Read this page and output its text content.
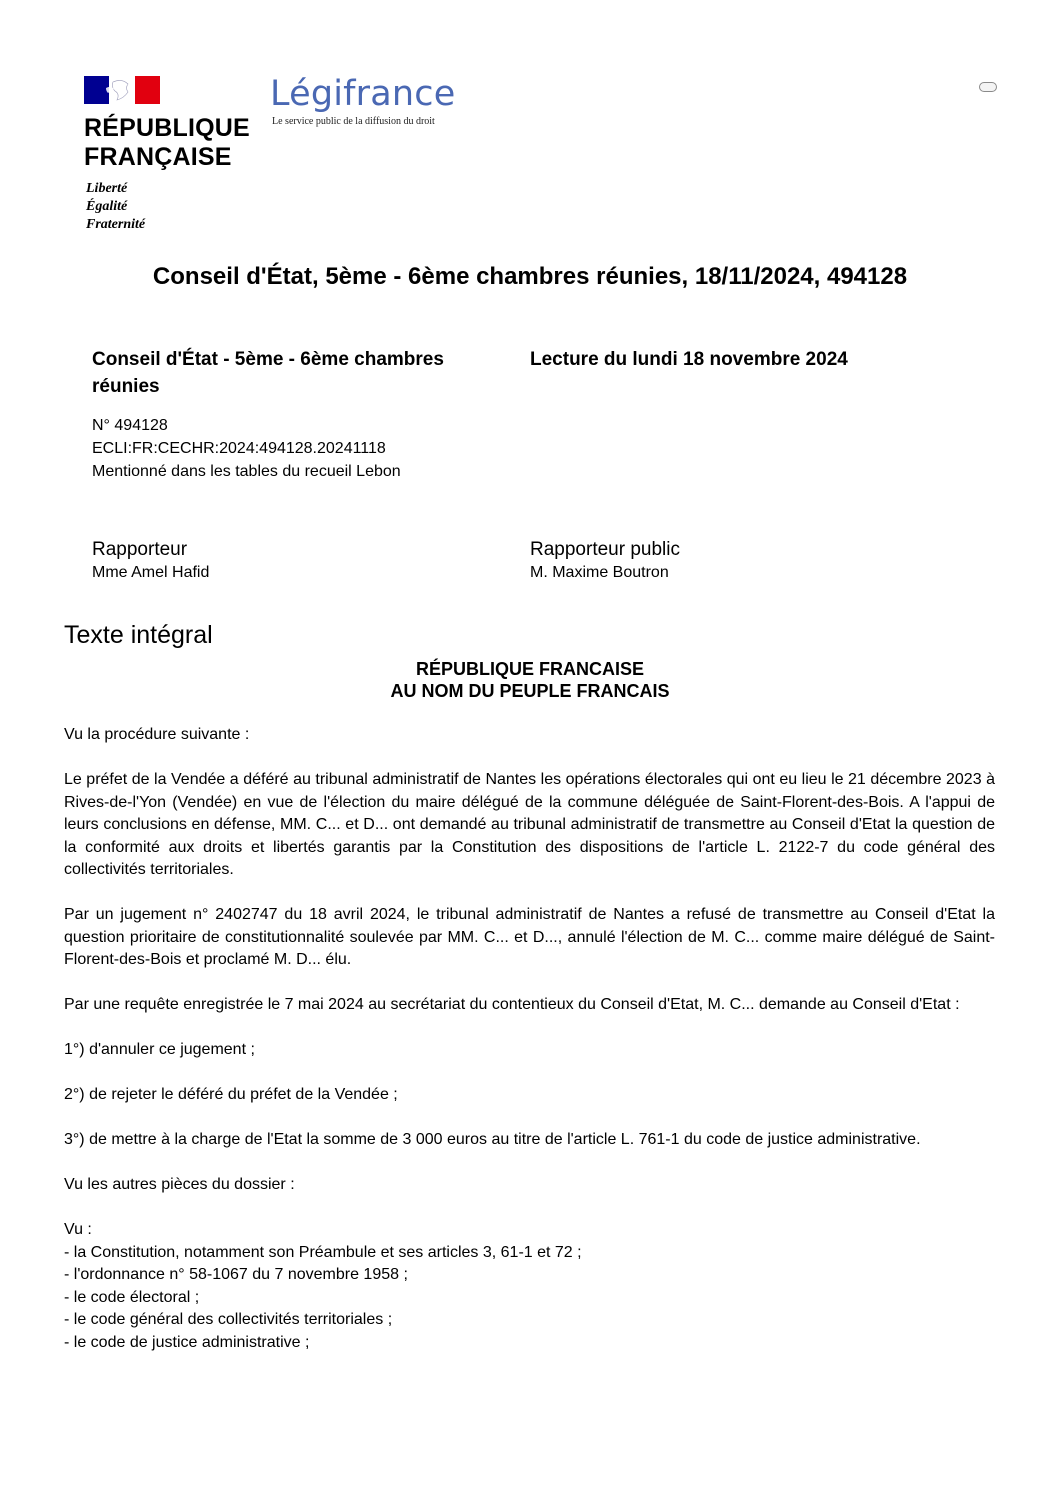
RÉPUBLIQUE
FRANÇAISE
Liberté
Égalité
Fraternité
Légifrance
Le service public de la diffusion du droit
Conseil d'État, 5ème - 6ème chambres réunies, 18/11/2024, 494128
Conseil d'État - 5ème - 6ème chambres réunies
N° 494128
ECLI:FR:CECHR:2024:494128.20241118
Mentionné dans les tables du recueil Lebon
Lecture du lundi 18 novembre 2024
Rapporteur
Mme Amel Hafid
Rapporteur public
M. Maxime Boutron
Texte intégral
RÉPUBLIQUE FRANCAISE
AU NOM DU PEUPLE FRANCAIS

Vu la procédure suivante :

Le préfet de la Vendée a déféré au tribunal administratif de Nantes les opérations électorales qui ont eu lieu le 21 décembre 2023 à Rives-de-l'Yon (Vendée) en vue de l'élection du maire délégué de la commune déléguée de Saint-Florent-des-Bois. A l'appui de leurs conclusions en défense, MM. C... et D... ont demandé au tribunal administratif de transmettre au Conseil d'Etat la question de la conformité aux droits et libertés garantis par la Constitution des dispositions de l'article L. 2122-7 du code général des collectivités territoriales.

Par un jugement n° 2402747 du 18 avril 2024, le tribunal administratif de Nantes a refusé de transmettre au Conseil d'Etat la question prioritaire de constitutionnalité soulevée par MM. C... et D..., annulé l'élection de M. C... comme maire délégué de Saint-Florent-des-Bois et proclamé M. D... élu.

Par une requête enregistrée le 7 mai 2024 au secrétariat du contentieux du Conseil d'Etat, M. C... demande au Conseil d'Etat :

1°) d'annuler ce jugement ;

2°) de rejeter le déféré du préfet de la Vendée ;

3°) de mettre à la charge de l'Etat la somme de 3 000 euros au titre de l'article L. 761-1 du code de justice administrative.

Vu les autres pièces du dossier :

Vu :
- la Constitution, notamment son Préambule et ses articles 3, 61-1 et 72 ;
- l'ordonnance n° 58-1067 du 7 novembre 1958 ;
- le code électoral ;
- le code général des collectivités territoriales ;
- le code de justice administrative ;
